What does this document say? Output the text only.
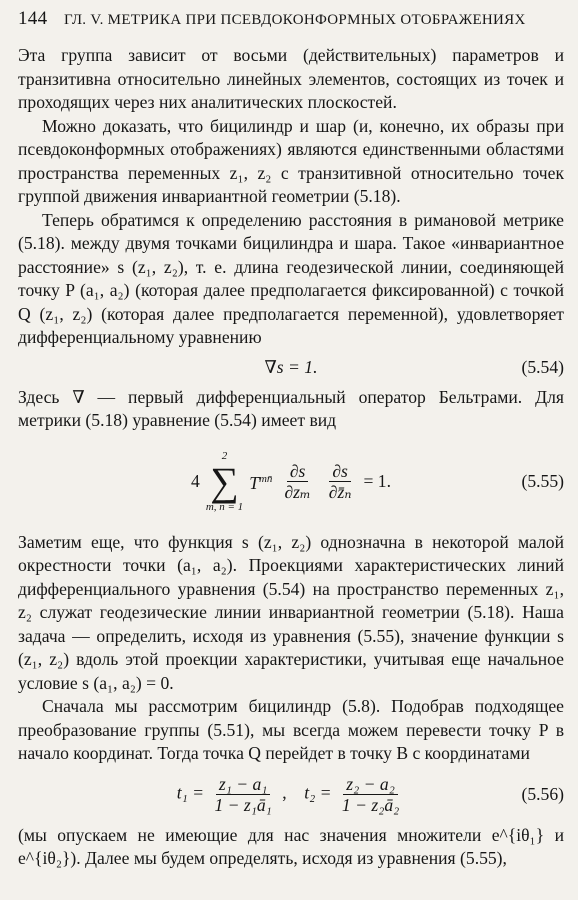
144 ГЛ. V. МЕТРИКА ПРИ ПСЕВДОКОНФОРМНЫХ ОТОБРАЖЕНИЯХ

Эта группа зависит от восьми (действительных) параметров и транзитивна относительно линейных элементов, состоящих из точек и проходящих через них аналитических плоскостей.

Можно доказать, что бицилиндр и шар (и, конечно, их образы при псевдоконформных отображениях) являются единственными областями пространства переменных z₁, z₂ с транзитивной относительно точек группой движения инвариантной геометрии (5.18).

Теперь обратимся к определению расстояния в римановой метрике (5.18). между двумя точками бицилиндра и шара. Такое «инвариантное расстояние» s (z₁, z₂), т. е. длина геодезической линии, соединяющей точку P (a₁, a₂) (которая далее предполагается фиксированной) с точкой Q (z₁, z₂) (которая далее предполагается переменной), удовлетворяет дифференциальному уравнению

∇s = 1.	(5.54)

Здесь ∇ — первый дифференциальный оператор Бельтрами. Для метрики (5.18) уравнение (5.54) имеет вид

4
2
∑
m, n = 1
$T^{mn̄} \frac{\partial s}{\text{∂zₘ}} \frac{\partial s}{\text{∂z̄ₙ}} = 1$.	(5.55)

Заметим еще, что функция s (z₁, z₂) однозначна в некоторой малой окрестности точки (a₁, a₂). Проекциями характеристических линий дифференциального уравнения (5.54) на пространство переменных z₁, z₂ служат геодезические линии инвариантной геометрии (5.18). Наша задача — определить, исходя из уравнения (5.55), значение функции s (z₁, z₂) вдоль этой проекции характеристики, учитывая еще начальное условие s (a₁, a₂) = 0.

Сначала мы рассмотрим бицилиндр (5.8). Подобрав подходящее преобразование группы (5.51), мы всегда можем перевести точку P в начало координат. Тогда точка Q перейдет в точку B с координатами

$t_1 = \frac{\text{z₁ − a₁}}{\text{1 − z₁ā₁}}$ , $t_2 = \frac{\text{z₂ − a₂}}{\text{1 − z₂ā₂}}$	(5.56)

(мы опускаем не имеющие для нас значения множители e^{iθ₁} и e^{iθ₂}). Далее мы будем определять, исходя из уравнения (5.55),
